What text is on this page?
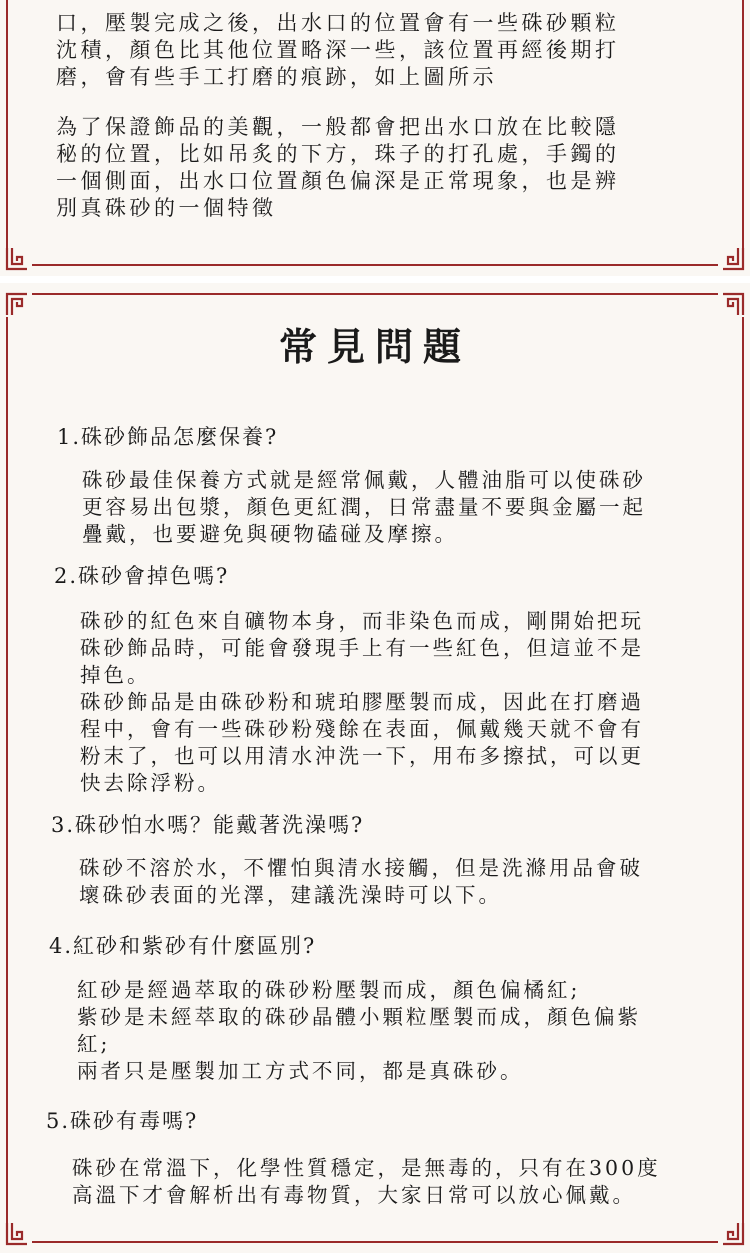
口，壓製完成之後，出水口的位置會有一些硃砂顆粒
沈積，顏色比其他位置略深一些，該位置再經後期打
磨，會有些手工打磨的痕跡，如上圖所示

為了保證飾品的美觀，一般都會把出水口放在比較隱
秘的位置，比如吊炙的下方，珠子的打孔處，手鐲的
一個側面，出水口位置顏色偏深是正常現象，也是辨
別真硃砂的一個特徵

常見問題

1.硃砂飾品怎麼保養?

硃砂最佳保養方式就是經常佩戴，人體油脂可以使硃砂
更容易出包漿，顏色更紅潤，日常盡量不要與金屬一起
疊戴，也要避免與硬物磕碰及摩擦。

2.硃砂會掉色嗎?

硃砂的紅色來自礦物本身，而非染色而成，剛開始把玩
硃砂飾品時，可能會發現手上有一些紅色，但這並不是
掉色。
硃砂飾品是由硃砂粉和琥珀膠壓製而成，因此在打磨過
程中，會有一些硃砂粉殘餘在表面，佩戴幾天就不會有
粉末了，也可以用清水沖洗一下，用布多擦拭，可以更
快去除浮粉。

3.硃砂怕水嗎？能戴著洗澡嗎?

硃砂不溶於水，不懼怕與清水接觸，但是洗滌用品會破
壞硃砂表面的光澤，建議洗澡時可以下。

4.紅砂和紫砂有什麼區別?

紅砂是經過萃取的硃砂粉壓製而成，顏色偏橘紅;
紫砂是未經萃取的硃砂晶體小顆粒壓製而成，顏色偏紫
紅;
兩者只是壓製加工方式不同，都是真硃砂。

5.硃砂有毒嗎?

硃砂在常溫下，化學性質穩定，是無毒的，只有在300度
高溫下才會解析出有毒物質，大家日常可以放心佩戴。
